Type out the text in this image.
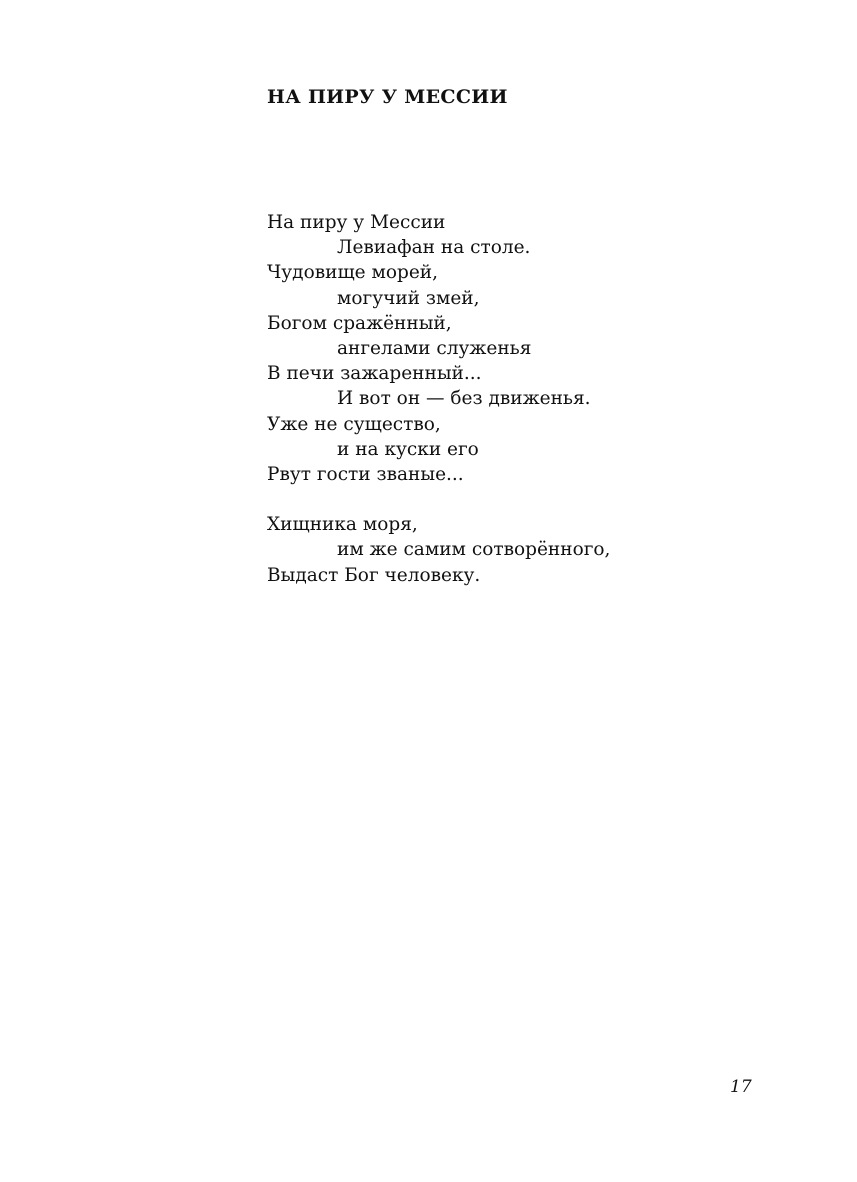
НА ПИРУ У МЕССИИ
На пиру у Мессии
Левиафан на столе.
Чудовище морей,
могучий змей,
Богом сражённый,
ангелами служенья
В печи зажаренный...
И вот он — без движенья.
Уже не существо,
и на куски его
Рвут гости званые...
Хищника моря,
им же самим сотворённого,
Выдаст Бог человеку.
17
